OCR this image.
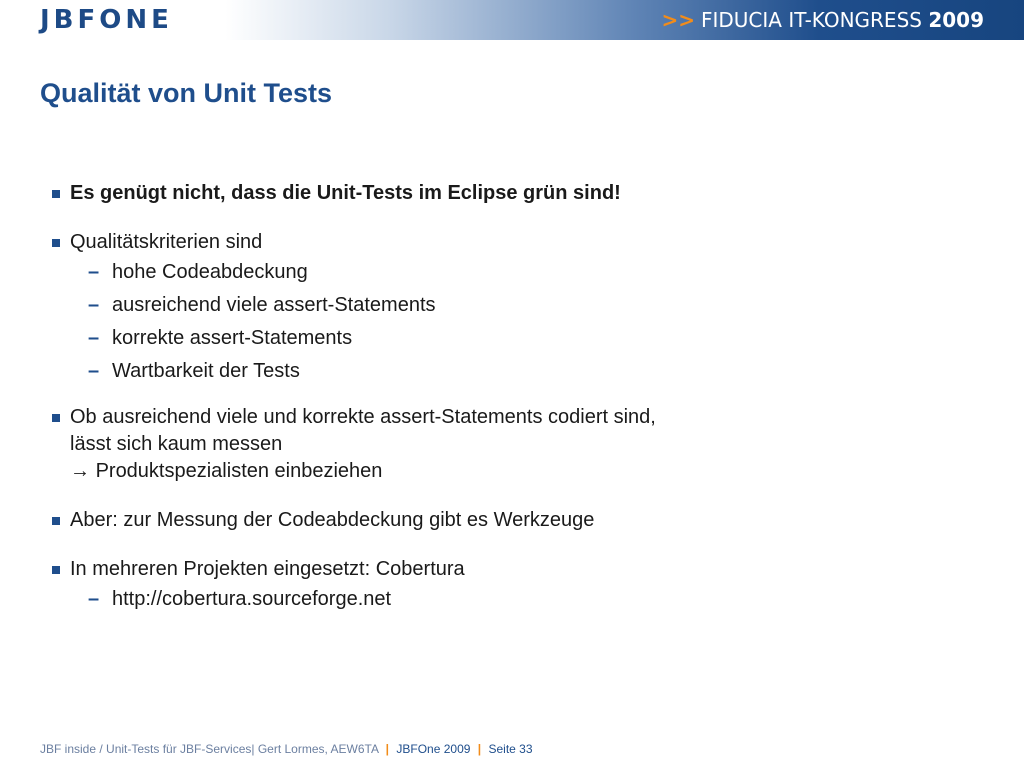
JBFONE	>> FIDUCIA IT-KONGRESS 2009
Qualität von Unit Tests
Es genügt nicht, dass die Unit-Tests im Eclipse grün sind!
Qualitätskriterien sind
– hohe Codeabdeckung
– ausreichend viele assert-Statements
– korrekte assert-Statements
– Wartbarkeit der Tests
Ob ausreichend viele und korrekte assert-Statements codiert sind,
lässt sich kaum messen
→ Produktspezialisten einbeziehen
Aber: zur Messung der Codeabdeckung gibt es Werkzeuge
In mehreren Projekten eingesetzt: Cobertura
– http://cobertura.sourceforge.net
JBF inside / Unit-Tests für JBF-Services| Gert Lormes, AEW6TA | JBFOne 2009 | Seite 33
